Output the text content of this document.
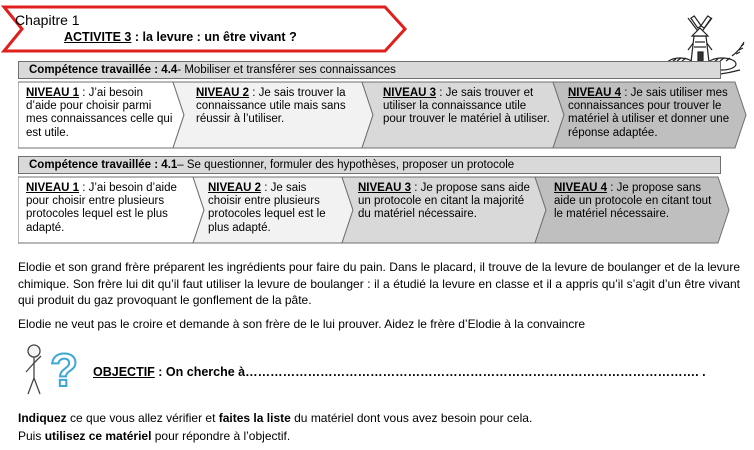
Chapitre 1
ACTIVITE 3 : la levure : un être vivant ?
Compétence travaillée : 4.4- Mobiliser et transférer ses connaissances
NIVEAU 1 : J’ai besoin d’aide pour choisir parmi mes connaissances celle qui est utile.
NIVEAU 2 : Je sais trouver la connaissance utile mais sans réussir à l’utiliser.
NIVEAU 3 : Je sais trouver et utiliser la connaissance utile pour trouver le matériel à utiliser.
NIVEAU 4 : Je sais utiliser mes connaissances pour trouver le matériel à utiliser et donner une réponse adaptée.
Compétence travaillée : 4.1– Se questionner, formuler des hypothèses, proposer un protocole
NIVEAU 1 : J’ai besoin d’aide pour choisir entre plusieurs protocoles lequel est le plus adapté.
NIVEAU 2 : Je sais choisir entre plusieurs protocoles lequel est le plus adapté.
NIVEAU 3 : Je propose sans aide un protocole en citant la majorité du matériel nécessaire.
NIVEAU 4 : Je propose sans aide un protocole en citant tout le matériel nécessaire.
Elodie et son grand frère préparent les ingrédients pour faire du pain. Dans le placard, il trouve de la levure de boulanger et de la levure chimique. Son frère lui dit qu’il faut utiliser la levure de boulanger : il a étudié la levure en classe et il a appris qu’il s’agit d’un être vivant qui produit du gaz provoquant le gonflement de la pâte.
Elodie ne veut pas le croire et demande à son frère de le lui prouver. Aidez le frère d’Elodie à la convaincre
? OBJECTIF : On cherche à………………………………………………………………………………………………. .
Indiquez ce que vous allez vérifier et faites la liste du matériel dont vous avez besoin pour cela.
Puis utilisez ce matériel pour répondre à l’objectif.
